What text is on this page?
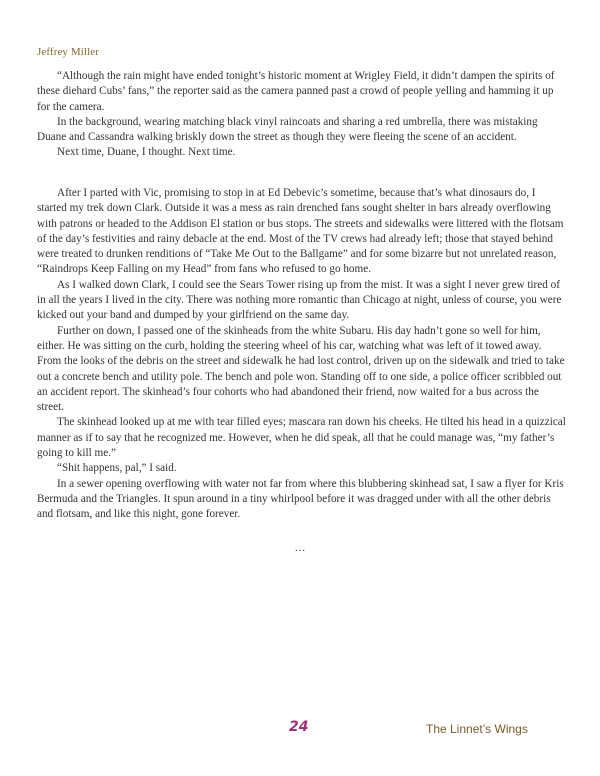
Jeffrey Miller

“Although the rain might have ended tonight’s historic moment at Wrigley Field, it didn’t dampen the spirits of these diehard Cubs’ fans,” the reporter said as the camera panned past a crowd of people yelling and hamming it up for the camera.

In the background, wearing matching black vinyl raincoats and sharing a red umbrella, there was mistaking Duane and Cassandra walking briskly down the street as though they were fleeing the scene of an accident.

Next time, Duane, I thought. Next time.

After I parted with Vic, promising to stop in at Ed Debevic’s sometime, because that’s what dinosaurs do, I started my trek down Clark. Outside it was a mess as rain drenched fans sought shelter in bars already overflowing with patrons or headed to the Addison El station or bus stops. The streets and sidewalks were littered with the flotsam of the day’s festivities and rainy debacle at the end. Most of the TV crews had already left; those that stayed behind were treated to drunken renditions of “Take Me Out to the Ballgame” and for some bizarre but not unrelated reason, “Raindrops Keep Falling on my Head” from fans who refused to go home.

As I walked down Clark, I could see the Sears Tower rising up from the mist. It was a sight I never grew tired of in all the years I lived in the city. There was nothing more romantic than Chicago at night, unless of course, you were kicked out your band and dumped by your girlfriend on the same day.

Further on down, I passed one of the skinheads from the white Subaru. His day hadn’t gone so well for him, either. He was sitting on the curb, holding the steering wheel of his car, watching what was left of it towed away. From the looks of the debris on the street and sidewalk he had lost control, driven up on the sidewalk and tried to take out a concrete bench and utility pole. The bench and pole won. Standing off to one side, a police officer scribbled out an accident report. The skinhead’s four cohorts who had abandoned their friend, now waited for a bus across the street.

The skinhead looked up at me with tear filled eyes; mascara ran down his cheeks. He tilted his head in a quizzical manner as if to say that he recognized me. However, when he did speak, all that he could manage was, “my father’s going to kill me.”

“Shit happens, pal,” I said.

In a sewer opening overflowing with water not far from where this blubbering skinhead sat, I saw a flyer for Kris Bermuda and the Triangles. It spun around in a tiny whirlpool before it was dragged under with all the other debris and flotsam, and like this night, gone forever.

…
24	The Linnet’s Wings
